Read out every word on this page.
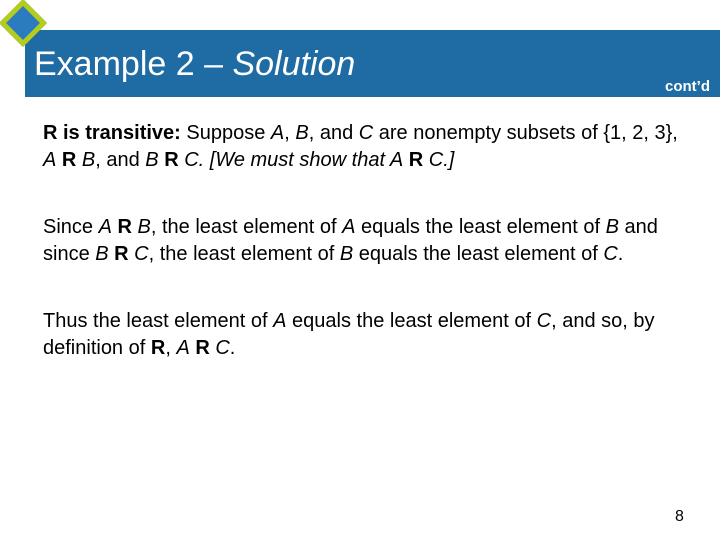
Example 2 – Solution
cont’d

R is transitive: Suppose A, B, and C are nonempty subsets of {1, 2, 3}, A R B, and B R C. [We must show that A R C.]

Since A R B, the least element of A equals the least element of B and since B R C, the least element of B equals the least element of C.

Thus the least element of A equals the least element of C, and so, by definition of R, A R C.

8
